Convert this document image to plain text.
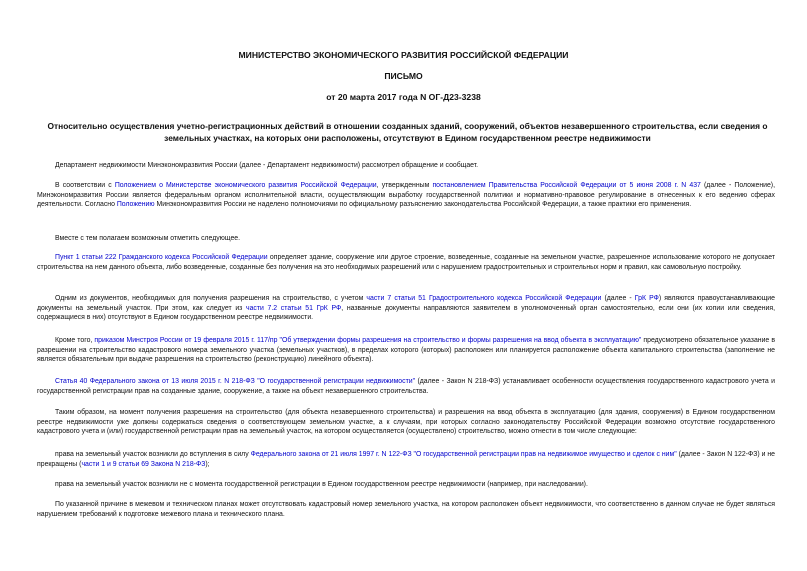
МИНИСТЕРСТВО ЭКОНОМИЧЕСКОГО РАЗВИТИЯ РОССИЙСКОЙ ФЕДЕРАЦИИ
ПИСЬМО
от 20 марта 2017 года N ОГ-Д23-3238
Относительно осуществления учетно-регистрационных действий в отношении созданных зданий, сооружений, объектов незавершенного строительства, если сведения о земельных участках, на которых они расположены, отсутствуют в Едином государственном реестре недвижимости
Департамент недвижимости Минэкономразвития России (далее - Департамент недвижимости) рассмотрел обращение и сообщает.
В соответствии с Положением о Министерстве экономического развития Российской Федерации, утвержденным постановлением Правительства Российской Федерации от 5 июня 2008 г. N 437 (далее - Положение), Минэкономразвития России является федеральным органом исполнительной власти, осуществляющим выработку государственной политики и нормативно-правовое регулирование в отнесенных к его ведению сферах деятельности. Согласно Положению Минэкономразвития России не наделено полномочиями по официальному разъяснению законодательства Российской Федерации, а также практики его применения.
Вместе с тем полагаем возможным отметить следующее.
Пункт 1 статьи 222 Гражданского кодекса Российской Федерации определяет здание, сооружение или другое строение, возведенные, созданные на земельном участке, разрешенное использование которого не допускает строительства на нем данного объекта, либо возведенные, созданные без получения на это необходимых разрешений или с нарушением градостроительных и строительных норм и правил, как самовольную постройку.
Одним из документов, необходимых для получения разрешения на строительство, с учетом части 7 статьи 51 Градостроительного кодекса Российской Федерации (далее - ГрК РФ) являются правоустанавливающие документы на земельный участок. При этом, как следует из части 7.2 статьи 51 ГрК РФ, названные документы направляются заявителем в уполномоченный орган самостоятельно, если они (их копии или сведения, содержащиеся в них) отсутствуют в Едином государственном реестре недвижимости.
Кроме того, приказом Минстроя России от 19 февраля 2015 г. 117/пр "Об утверждении формы разрешения на строительство и формы разрешения на ввод объекта в эксплуатацию" предусмотрено обязательное указание в разрешении на строительство кадастрового номера земельного участка (земельных участков), в пределах которого (которых) расположен или планируется расположение объекта капитального строительства (заполнение не является обязательным при выдаче разрешения на строительство (реконструкцию) линейного объекта).
Статья 40 Федерального закона от 13 июля 2015 г. N 218-ФЗ "О государственной регистрации недвижимости" (далее - Закон N 218-ФЗ) устанавливает особенности осуществления государственного кадастрового учета и государственной регистрации прав на созданные здание, сооружение, а также на объект незавершенного строительства.
Таким образом, на момент получения разрешения на строительство (для объекта незавершенного строительства) и разрешения на ввод объекта в эксплуатацию (для здания, сооружения) в Едином государственном реестре недвижимости уже должны содержаться сведения о соответствующем земельном участке, а к случаям, при которых согласно законодательству Российской Федерации возможно отсутствие государственного кадастрового учета и (или) государственной регистрации прав на земельный участок, на котором осуществляется (осуществлено) строительство, можно отнести в том числе следующие:
права на земельный участок возникли до вступления в силу Федерального закона от 21 июля 1997 г. N 122-ФЗ "О государственной регистрации прав на недвижимое имущество и сделок с ним" (далее - Закон N 122-ФЗ) и не прекращены (части 1 и 9 статьи 69 Закона N 218-ФЗ);
права на земельный участок возникли не с момента государственной регистрации в Едином государственном реестре недвижимости (например, при наследовании).
По указанной причине в межевом и техническом планах может отсутствовать кадастровый номер земельного участка, на котором расположен объект недвижимости, что соответственно в данном случае не будет являться нарушением требований к подготовке межевого плана и технического плана.
